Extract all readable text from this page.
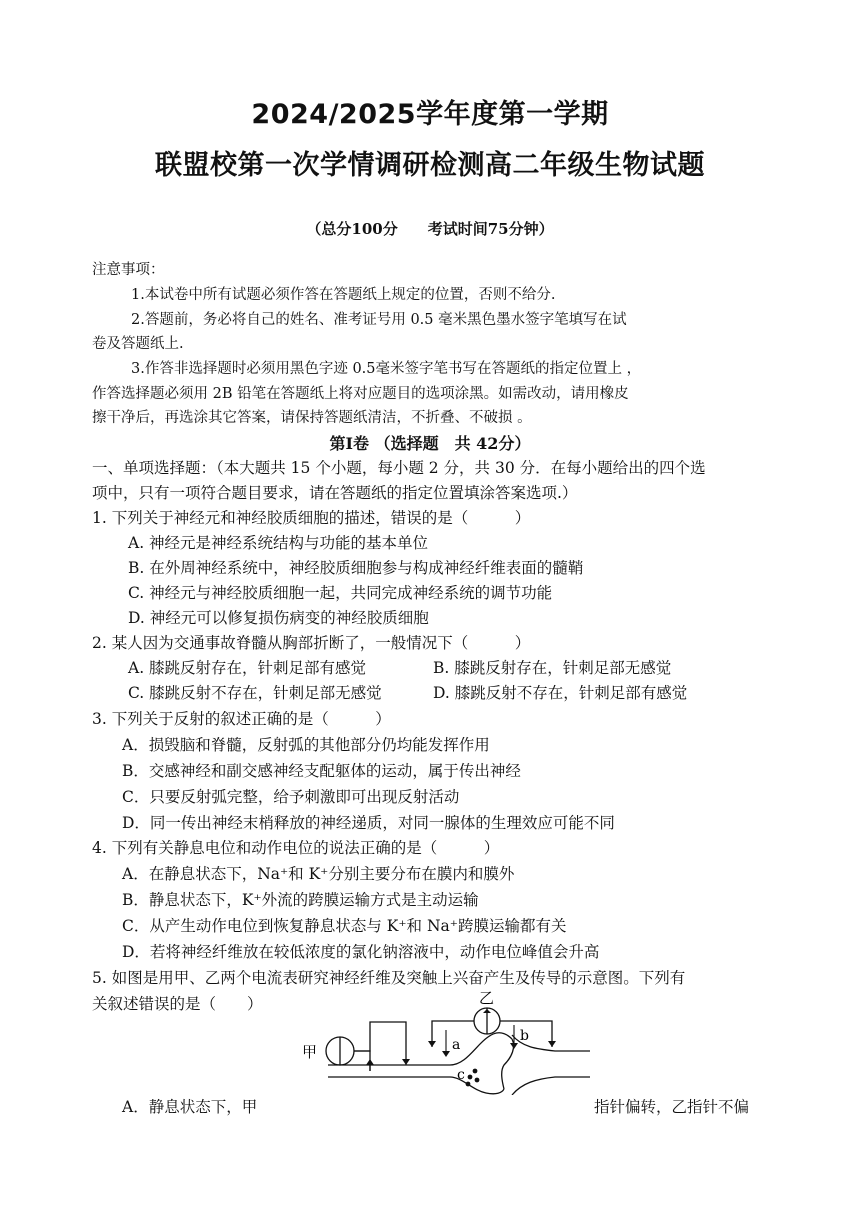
2024/2025学年度第一学期
联盟校第一次学情调研检测高二年级生物试题
（总分100分　　考试时间75分钟）
注意事项：
1.本试卷中所有试题必须作答在答题纸上规定的位置，否则不给分.
2.答题前，务必将自己的姓名、准考证号用 0.5 毫米黑色墨水签字笔填写在试
卷及答题纸上.
3.作答非选择题时必须用黑色字迹 0.5毫米签字笔书写在答题纸的指定位置上 ，
作答选择题必须用 2B 铅笔在答题纸上将对应题目的选项涂黑。如需改动，请用橡皮
擦干净后，再选涂其它答案，请保持答题纸清洁，不折叠、不破损 。
第Ⅰ卷 （选择题　共 42分）
一、单项选择题：（本大题共 15 个小题，每小题 2 分，共 30 分．在每小题给出的四个选
项中，只有一项符合题目要求，请在答题纸的指定位置填涂答案选项.）
1. 下列关于神经元和神经胶质细胞的描述，错误的是（　　　）
A. 神经元是神经系统结构与功能的基本单位
B. 在外周神经系统中，神经胶质细胞参与构成神经纤维表面的髓鞘
C. 神经元与神经胶质细胞一起，共同完成神经系统的调节功能
D. 神经元可以修复损伤病变的神经胶质细胞
2. 某人因为交通事故脊髓从胸部折断了，一般情况下（　　　）
A. 膝跳反射存在，针刺足部有感觉	B. 膝跳反射存在，针刺足部无感觉
C. 膝跳反射不存在，针刺足部无感觉	D. 膝跳反射不存在，针刺足部有感觉
3. 下列关于反射的叙述正确的是（　　　）
A．损毁脑和脊髓，反射弧的其他部分仍均能发挥作用
B．交感神经和副交感神经支配躯体的运动，属于传出神经
C．只要反射弧完整，给予刺激即可出现反射活动
D．同一传出神经末梢释放的神经递质，对同一腺体的生理效应可能不同
4. 下列有关静息电位和动作电位的说法正确的是（　　　）
A．在静息状态下，Na⁺和 K⁺分别主要分布在膜内和膜外
B．静息状态下，K⁺外流的跨膜运输方式是主动运输
C．从产生动作电位到恢复静息状态与 K⁺和 Na⁺跨膜运输都有关
D．若将神经纤维放在较低浓度的氯化钠溶液中，动作电位峰值会升高
5. 如图是用甲、乙两个电流表研究神经纤维及突触上兴奋产生及传导的示意图。下列有
关叙述错误的是（　　）
甲
乙
a
b
c
A．静息状态下，甲	指针偏转，乙指针不偏
